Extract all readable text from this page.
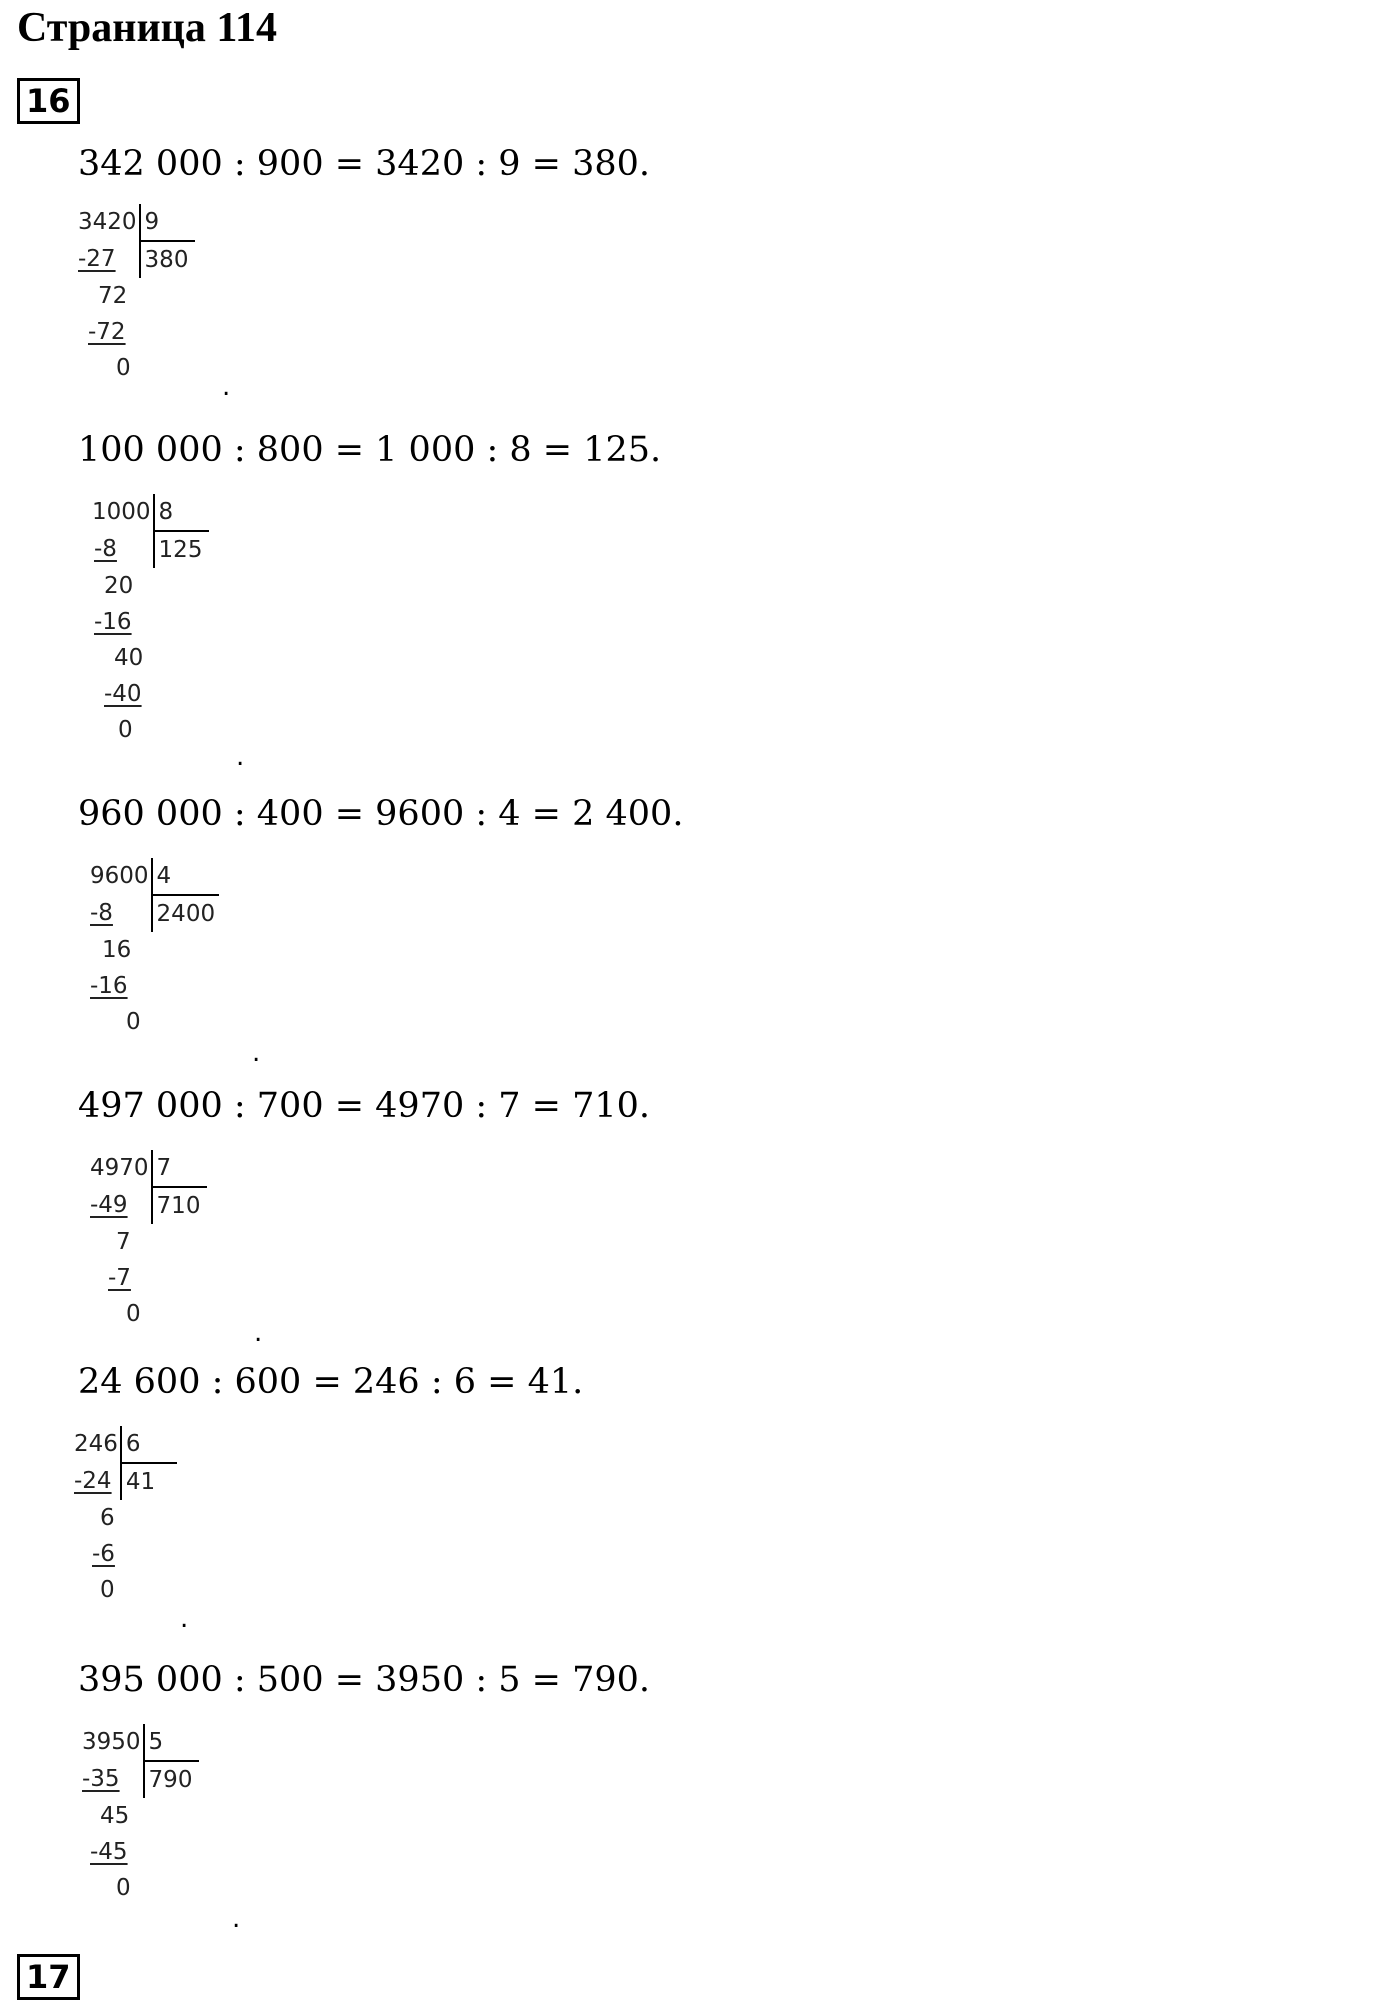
Страница 114
16
342 000 : 900 = 3420 : 9 = 380.
3420	9
-27	380
72	
-72	
0	
.
100 000 : 800 = 1 000 : 8 = 125.
1000	8
-8	125
20	
-16	
40	
-40	
0	
.
960 000 : 400 = 9600 : 4 = 2 400.
9600	4
-8	2400
16	
-16	
0	
.
497 000 : 700 = 4970 : 7 = 710.
4970	7
-49	710
7	
-7	
0	
.
24 600 : 600 = 246 : 6 = 41.
246	6
-24	41
6	
-6	
0	
.
395 000 : 500 = 3950 : 5 = 790.
3950	5
-35	790
45	
-45	
0	
.
17
